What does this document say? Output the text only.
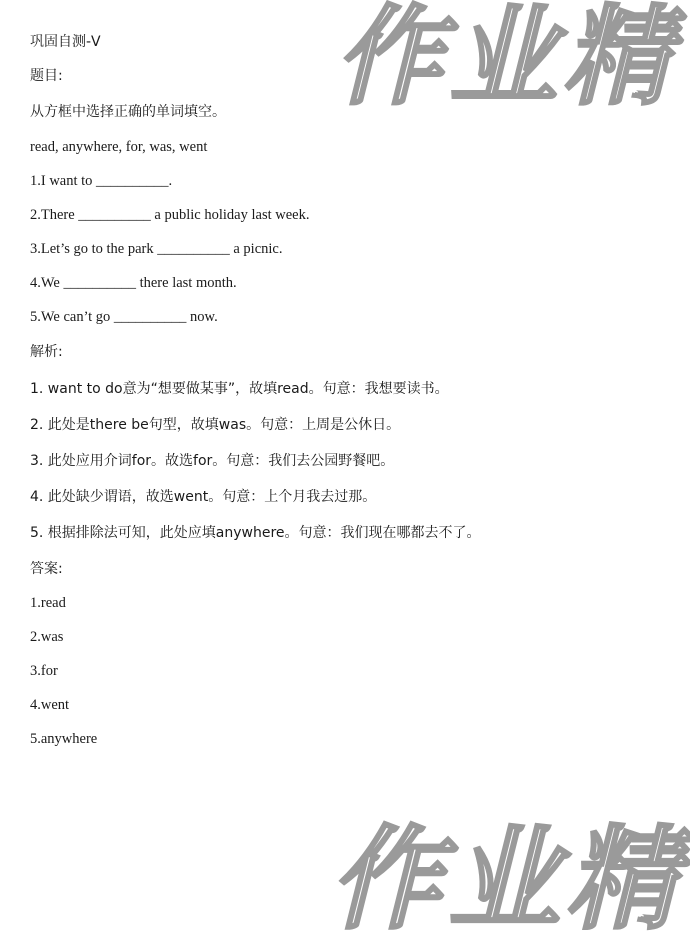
作业精
巩固自测-V
题目:
从方框中选择正确的单词填空。
read, anywhere, for, was, went
1.I want to __________.
2.There __________ a public holiday last week.
3.Let’s go to the park __________ a picnic.
4.We __________ there last month.
5.We can’t go __________ now.
解析:
1. want to do意为“想要做某事”，故填read。句意：我想要读书。
2. 此处是there be句型，故填was。句意：上周是公休日。
3. 此处应用介词for。故选for。句意：我们去公园野餐吧。
4. 此处缺少谓语，故选went。句意：上个月我去过那。
5. 根据排除法可知，此处应填anywhere。句意：我们现在哪都去不了。
答案:
1.read
2.was
3.for
4.went
5.anywhere
作业精
